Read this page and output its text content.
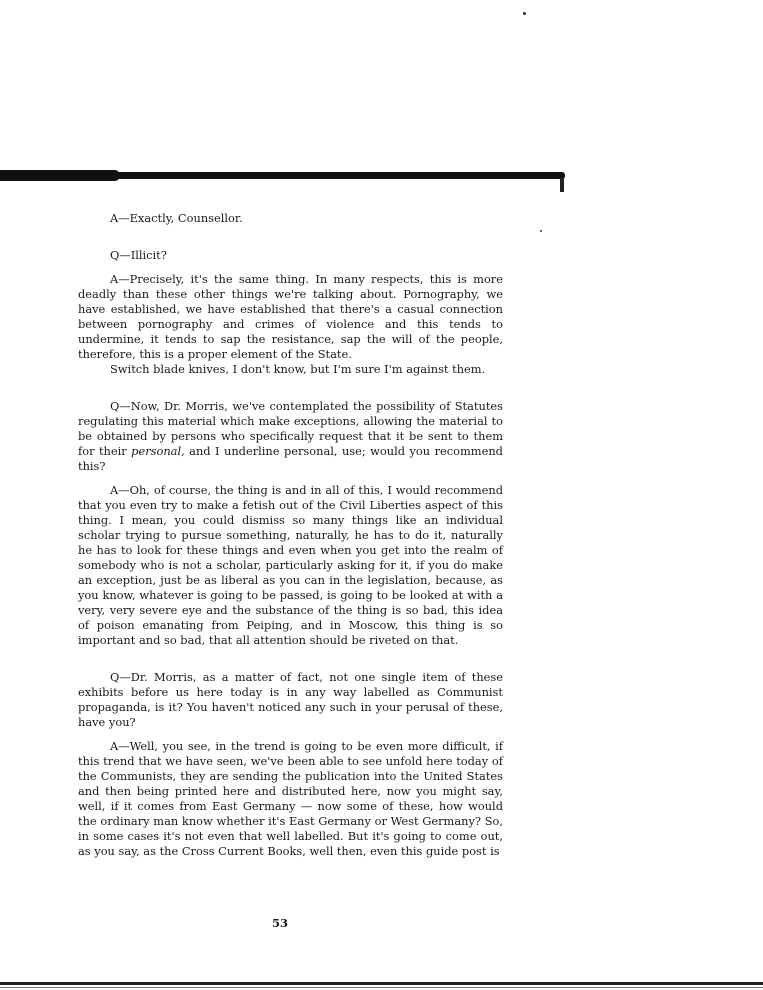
A—Exactly, Counsellor.

Q—Illicit?

A—Precisely, it's the same thing. In many respects, this is more deadly than these other things we're talking about. Pornography, we have established, we have established that there's a casual connection between pornography and crimes of violence and this tends to undermine, it tends to sap the resistance, sap the will of the people, therefore, this is a proper element of the State.

Switch blade knives, I don't know, but I'm sure I'm against them.

Q—Now, Dr. Morris, we've contemplated the possibility of Statutes regulating this material which make exceptions, allowing the material to be obtained by persons who specifically request that it be sent to them for their personal, and I underline personal, use; would you recommend this?

A—Oh, of course, the thing is and in all of this, I would recommend that you even try to make a fetish out of the Civil Liberties aspect of this thing. I mean, you could dismiss so many things like an individual scholar trying to pursue something, naturally, he has to do it, naturally he has to look for these things and even when you get into the realm of somebody who is not a scholar, particularly asking for it, if you do make an exception, just be as liberal as you can in the legislation, because, as you know, whatever is going to be passed, is going to be looked at with a very, very severe eye and the substance of the thing is so bad, this idea of poison emanating from Peiping, and in Moscow, this thing is so important and so bad, that all attention should be riveted on that.

Q—Dr. Morris, as a matter of fact, not one single item of these exhibits before us here today is in any way labelled as Communist propaganda, is it? You haven't noticed any such in your perusal of these, have you?

A—Well, you see, in the trend is going to be even more difficult, if this trend that we have seen, we've been able to see unfold here today of the Communists, they are sending the publication into the United States and then being printed here and distributed here, now you might say, well, if it comes from East Germany — now some of these, how would the ordinary man know whether it's East Germany or West Germany? So, in some cases it's not even that well labelled. But it's going to come out, as you say, as the Cross Current Books, well then, even this guide post is

53
